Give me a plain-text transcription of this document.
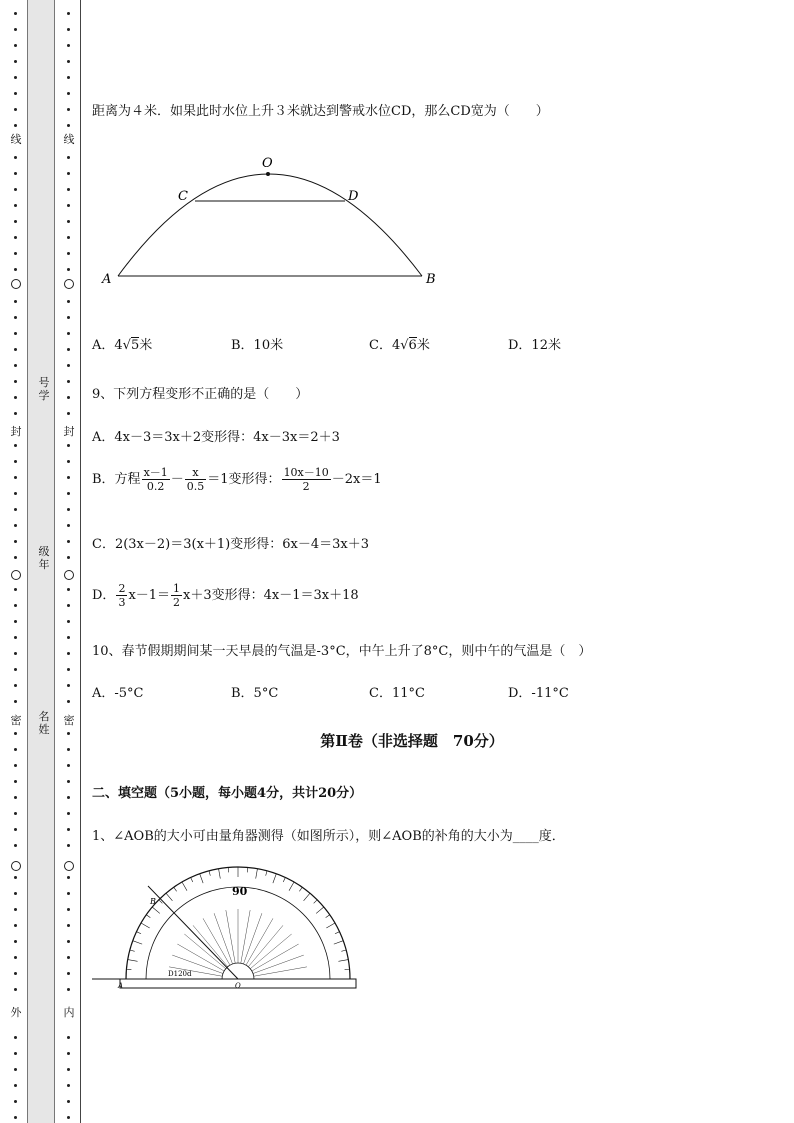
线
封
密
外
线
封
密
内
号学
级年
名姓
距离为４米．如果此时水位上升３米就达到警戒水位CD，那么CD宽为（　　）
O
C	D
A	B
A．4√5米	B．10米	C．4√6米	D．12米
9、下列方程变形不正确的是（　　）
A．4x－3＝3x＋2变形得：4x－3x＝2＋3
B．方程 $\frac{x-1}{0.2} - \frac{x}{0.5} =1$变形得： $\frac{10x-10}{2} -2x=1$
C．2(3x－2)＝3(x＋1)变形得：6x－4＝3x＋3
D． $\frac{2}{3} x-1= \frac{1}{2} x+3$变形得：4x－1＝3x＋18
10、春节假期期间某一天早晨的气温是-3°C，中午上升了8°C，则中午的气温是（　）
A．-5°C	B．5°C	C．11°C	D．-11°C
第Ⅱ卷（非选择题　70分）
二、填空题（5小题，每小题4分，共计20分）
1、∠AOB的大小可由量角器测得（如图所示），则∠AOB的补角的大小为____度．
90
D120d
B
A	O
